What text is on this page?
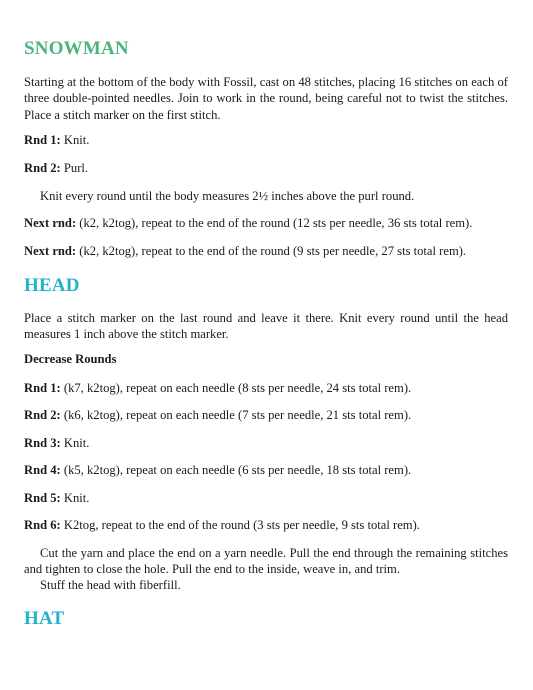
SNOWMAN

Starting at the bottom of the body with Fossil, cast on 48 stitches, placing 16 stitches on each of three double-pointed needles. Join to work in the round, being careful not to twist the stitches. Place a stitch marker on the first stitch.

Rnd 1: Knit.

Rnd 2: Purl.

Knit every round until the body measures 2½ inches above the purl round.

Next rnd: (k2, k2tog), repeat to the end of the round (12 sts per needle, 36 sts total rem).

Next rnd: (k2, k2tog), repeat to the end of the round (9 sts per needle, 27 sts total rem).

HEAD

Place a stitch marker on the last round and leave it there. Knit every round until the head measures 1 inch above the stitch marker.

Decrease Rounds

Rnd 1: (k7, k2tog), repeat on each needle (8 sts per needle, 24 sts total rem).

Rnd 2: (k6, k2tog), repeat on each needle (7 sts per needle, 21 sts total rem).

Rnd 3: Knit.

Rnd 4: (k5, k2tog), repeat on each needle (6 sts per needle, 18 sts total rem).

Rnd 5: Knit.

Rnd 6: K2tog, repeat to the end of the round (3 sts per needle, 9 sts total rem).

Cut the yarn and place the end on a yarn needle. Pull the end through the remaining stitches and tighten to close the hole. Pull the end to the inside, weave in, and trim.

Stuff the head with fiberfill.

HAT
